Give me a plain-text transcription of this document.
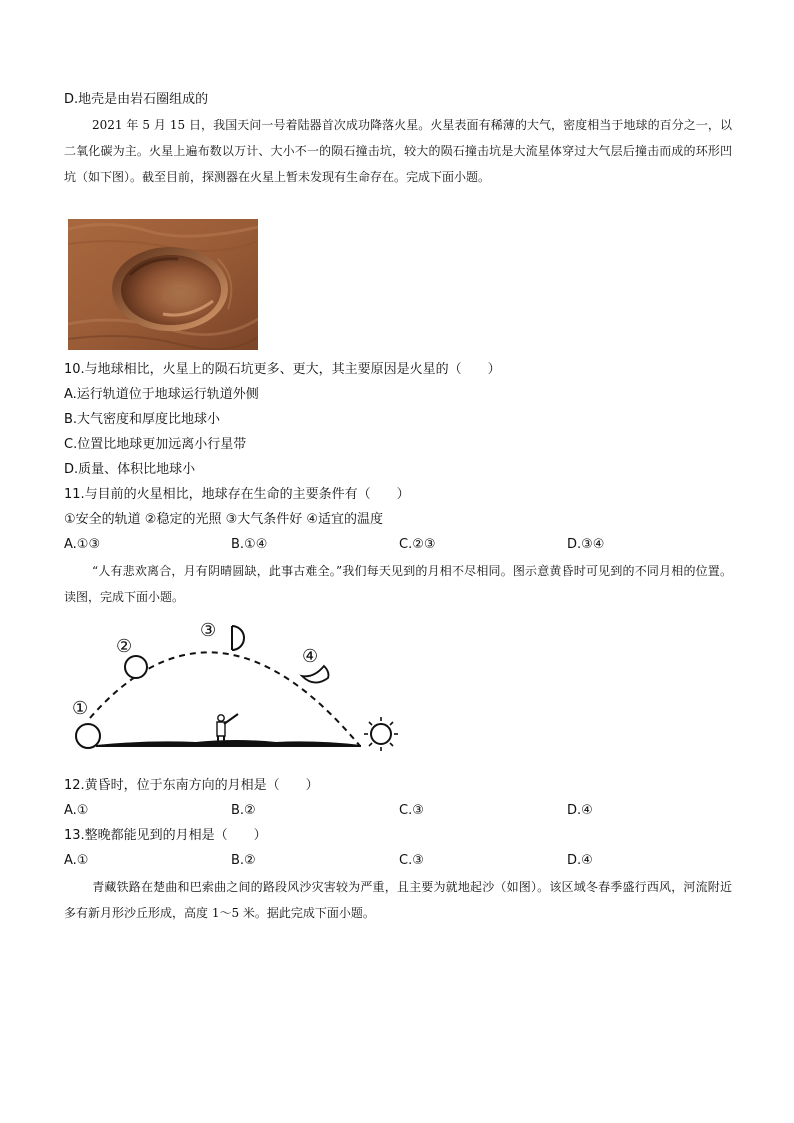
D.地壳是由岩石圈组成的
2021 年 5 月 15 日，我国天问一号着陆器首次成功降落火星。火星表面有稀薄的大气，密度相当于地球的百分之一，以二氧化碳为主。火星上遍布数以万计、大小不一的陨石撞击坑，较大的陨石撞击坑是大流星体穿过大气层后撞击而成的环形凹坑（如下图）。截至目前，探测器在火星上暂未发现有生命存在。完成下面小题。
10.与地球相比，火星上的陨石坑更多、更大，其主要原因是火星的（　　）
A.运行轨道位于地球运行轨道外侧
B.大气密度和厚度比地球小
C.位置比地球更加远离小行星带
D.质量、体积比地球小
11.与目前的火星相比，地球存在生命的主要条件有（　　）
①安全的轨道 ②稳定的光照 ③大气条件好 ④适宜的温度
A.①③	B.①④	C.②③	D.③④
“人有悲欢离合，月有阴晴圆缺，此事古难全。”我们每天见到的月相不尽相同。图示意黄昏时可见到的不同月相的位置。读图，完成下面小题。
①
②
③
④
12.黄昏时，位于东南方向的月相是（　　）
A.①	B.②	C.③	D.④
13.整晚都能见到的月相是（　　）
A.①	B.②	C.③	D.④
青藏铁路在楚曲和巴索曲之间的路段风沙灾害较为严重，且主要为就地起沙（如图）。该区域冬春季盛行西风，河流附近多有新月形沙丘形成，高度 1～5 米。据此完成下面小题。
